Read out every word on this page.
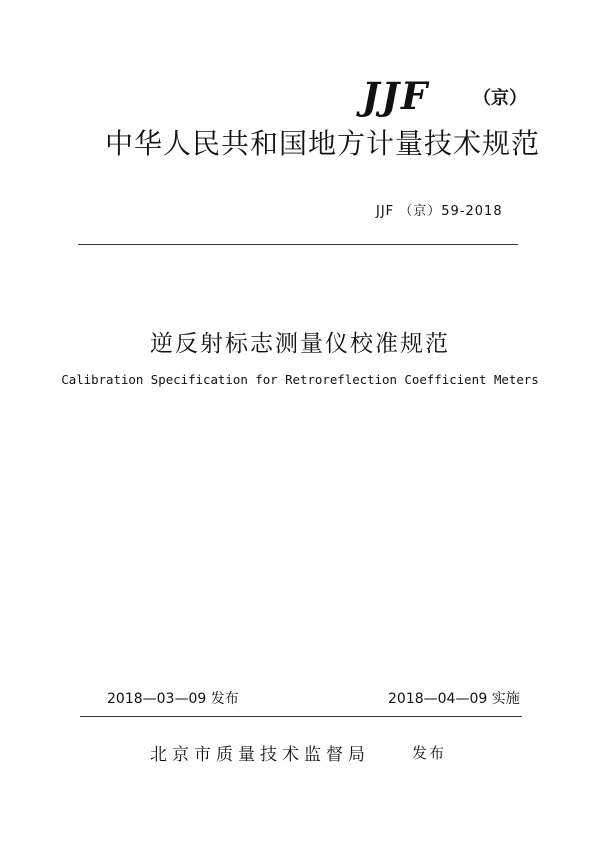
JJF （京）
中华人民共和国地方计量技术规范
JJF （京）59-2018
逆反射标志测量仪校准规范
Calibration Specification for Retroreflection Coefficient Meters
2018—03—09 发布	2018—04—09 实施
北京市质量技术监督局	发布
